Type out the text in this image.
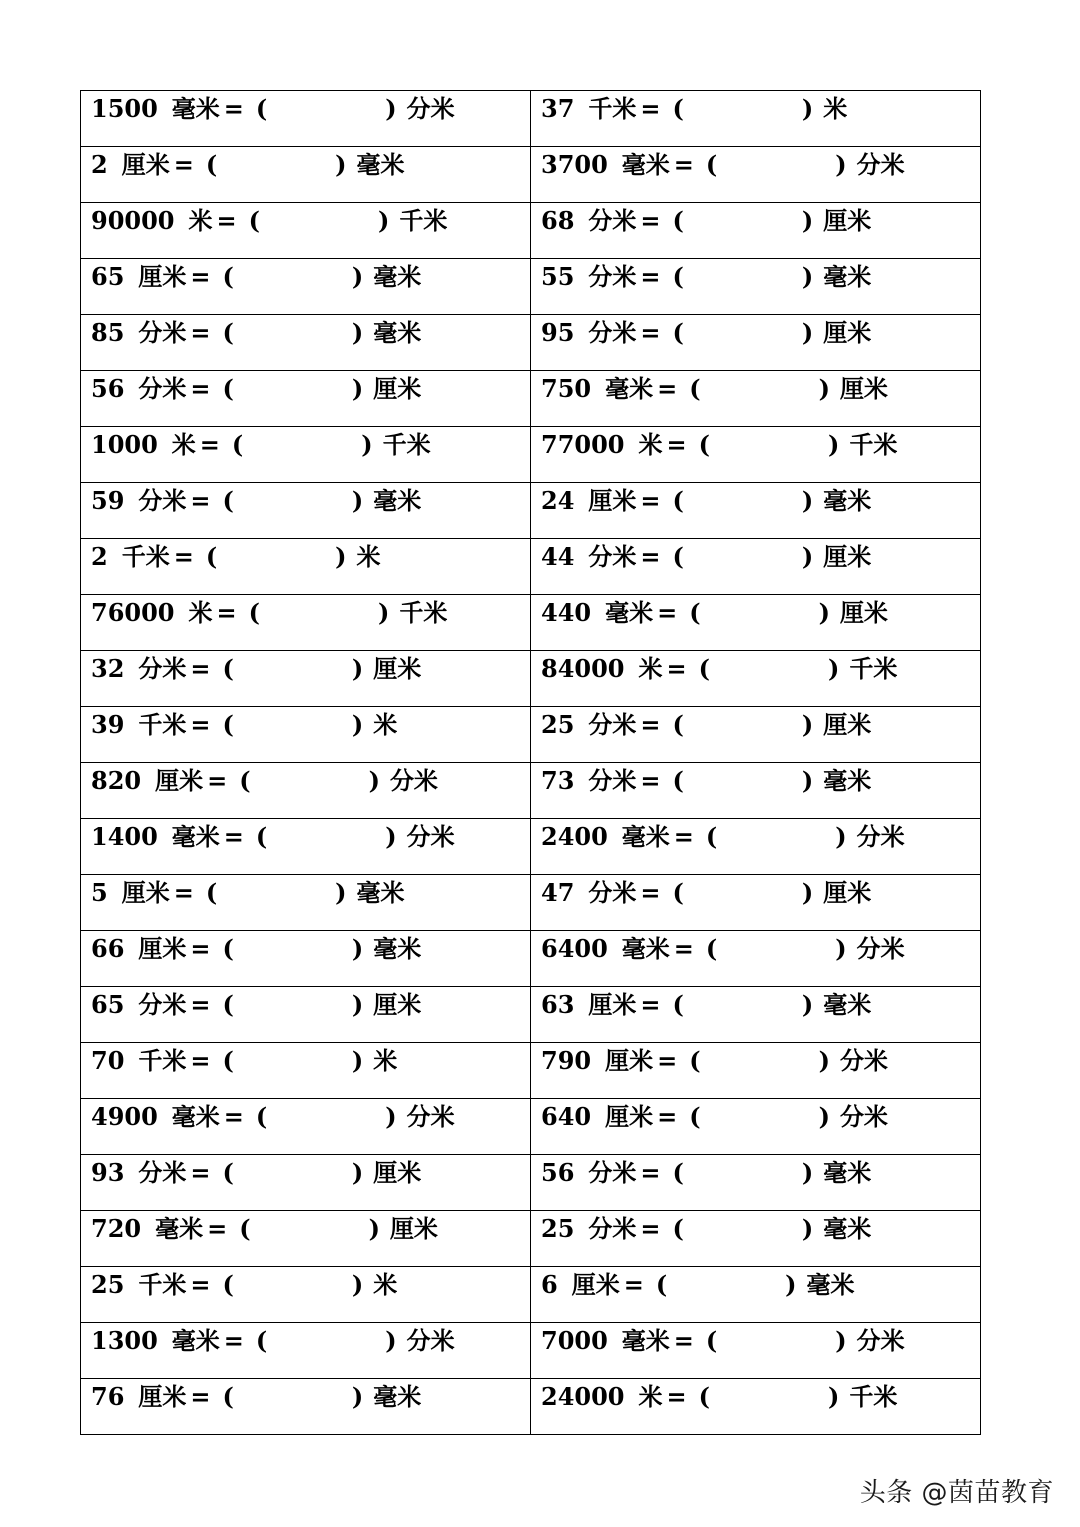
1500 毫米 = ( ) 分米	37 千米 = ( ) 米

2 厘米 = ( ) 毫米	3700 毫米 = ( ) 分米

90000 米 = ( ) 千米	68 分米 = ( ) 厘米

65 厘米 = ( ) 毫米	55 分米 = ( ) 毫米

85 分米 = ( ) 毫米	95 分米 = ( ) 厘米

56 分米 = ( ) 厘米	750 毫米 = ( ) 厘米

1000 米 = ( ) 千米	77000 米 = ( ) 千米

59 分米 = ( ) 毫米	24 厘米 = ( ) 毫米

2 千米 = ( ) 米	44 分米 = ( ) 厘米

76000 米 = ( ) 千米	440 毫米 = ( ) 厘米

32 分米 = ( ) 厘米	84000 米 = ( ) 千米

39 千米 = ( ) 米	25 分米 = ( ) 厘米

820 厘米 = ( ) 分米	73 分米 = ( ) 毫米

1400 毫米 = ( ) 分米	2400 毫米 = ( ) 分米

5 厘米 = ( ) 毫米	47 分米 = ( ) 厘米

66 厘米 = ( ) 毫米	6400 毫米 = ( ) 分米

65 分米 = ( ) 厘米	63 厘米 = ( ) 毫米

70 千米 = ( ) 米	790 厘米 = ( ) 分米

4900 毫米 = ( ) 分米	640 厘米 = ( ) 分米

93 分米 = ( ) 厘米	56 分米 = ( ) 毫米

720 毫米 = ( ) 厘米	25 分米 = ( ) 毫米

25 千米 = ( ) 米	6 厘米 = ( ) 毫米

1300 毫米 = ( ) 分米	7000 毫米 = ( ) 分米

76 厘米 = ( ) 毫米	24000 米 = ( ) 千米
头条 @茵苗教育
